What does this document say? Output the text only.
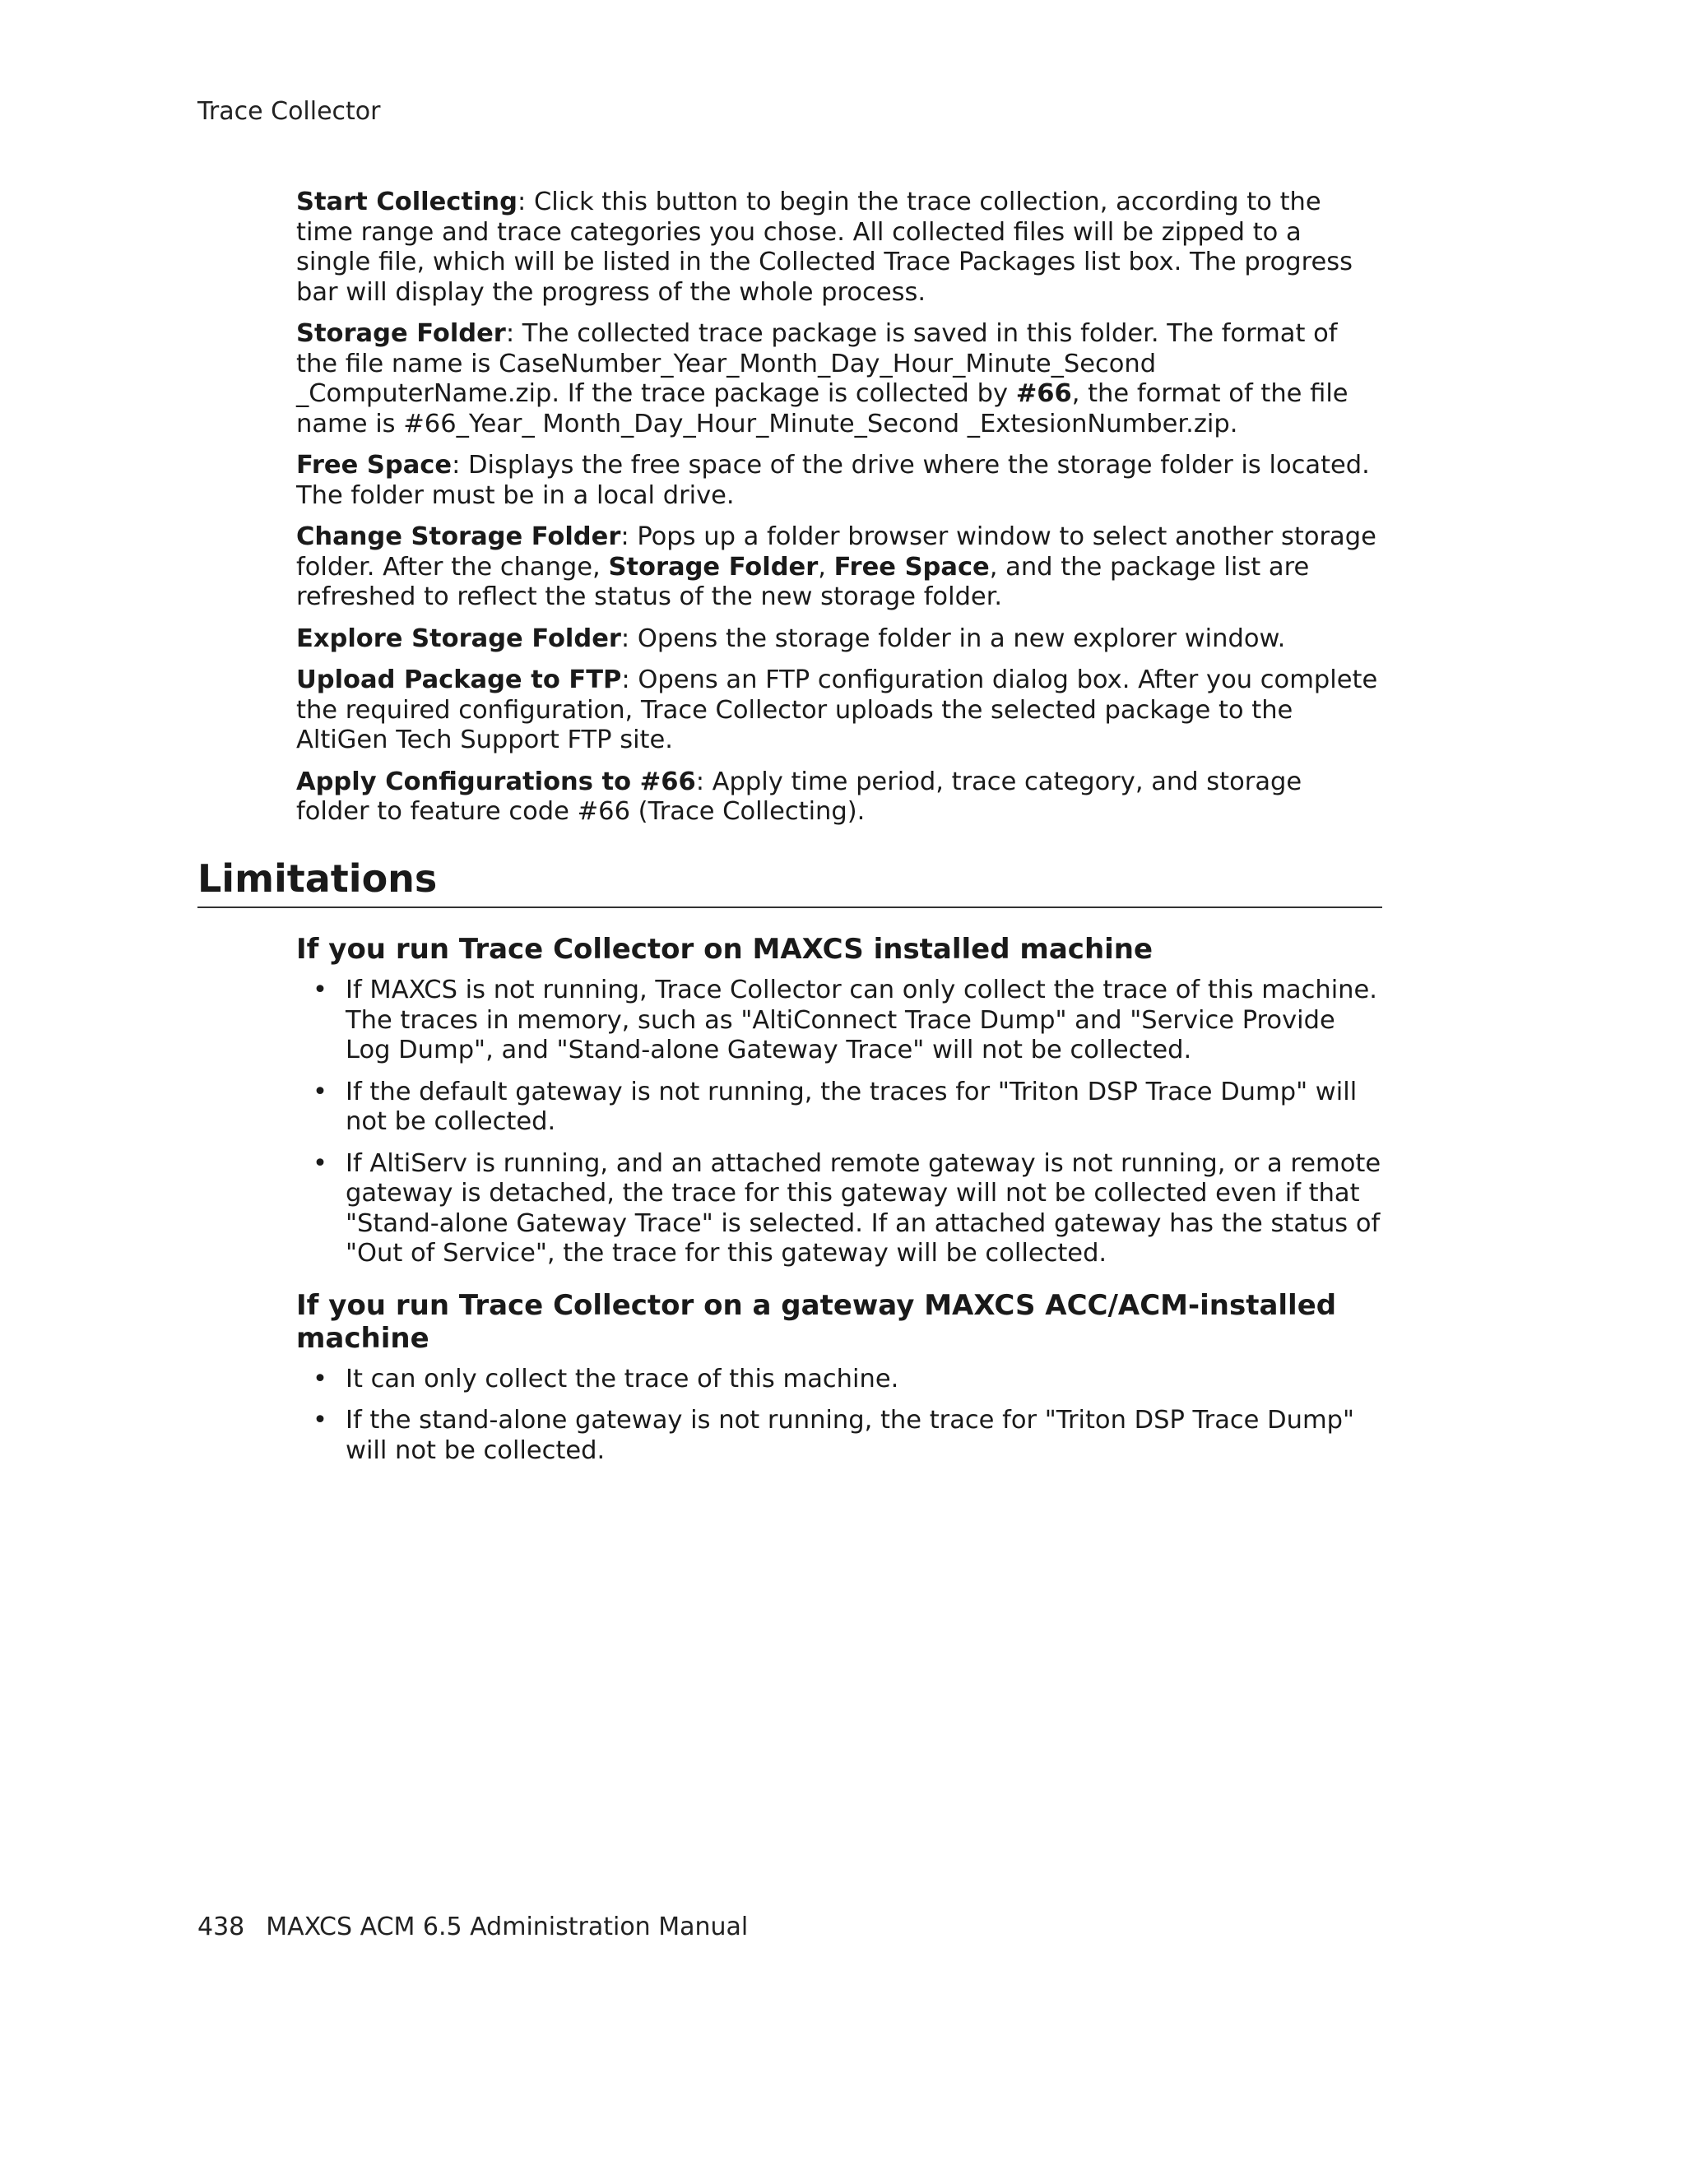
Trace Collector

Start Collecting: Click this button to begin the trace collection, according to the time range and trace categories you chose. All collected files will be zipped to a single file, which will be listed in the Collected Trace Packages list box. The progress bar will display the progress of the whole process.

Storage Folder: The collected trace package is saved in this folder. The format of the file name is CaseNumber_Year_Month_Day_Hour_Minute_Second _ComputerName.zip. If the trace package is collected by #66, the format of the file name is #66_Year_ Month_Day_Hour_Minute_Second _ExtesionNumber.zip.

Free Space: Displays the free space of the drive where the storage folder is located. The folder must be in a local drive.

Change Storage Folder: Pops up a folder browser window to select another storage folder. After the change, Storage Folder, Free Space, and the package list are refreshed to reflect the status of the new storage folder.

Explore Storage Folder: Opens the storage folder in a new explorer window.

Upload Package to FTP: Opens an FTP configuration dialog box. After you complete the required configuration, Trace Collector uploads the selected package to the AltiGen Tech Support FTP site.

Apply Configurations to #66: Apply time period, trace category, and storage folder to feature code #66 (Trace Collecting).

Limitations
If you run Trace Collector on MAXCS installed machine
• If MAXCS is not running, Trace Collector can only collect the trace of this machine. The traces in memory, such as "AltiConnect Trace Dump" and "Service Provide Log Dump", and "Stand-alone Gateway Trace" will not be collected.
• If the default gateway is not running, the traces for "Triton DSP Trace Dump" will not be collected.
• If AltiServ is running, and an attached remote gateway is not running, or a remote gateway is detached, the trace for this gateway will not be collected even if that "Stand-alone Gateway Trace" is selected. If an attached gateway has the status of "Out of Service", the trace for this gateway will be collected.
If you run Trace Collector on a gateway MAXCS ACC/ACM-installed machine
• It can only collect the trace of this machine.
• If the stand-alone gateway is not running, the trace for "Triton DSP Trace Dump" will not be collected.
438 MAXCS ACM 6.5 Administration Manual
